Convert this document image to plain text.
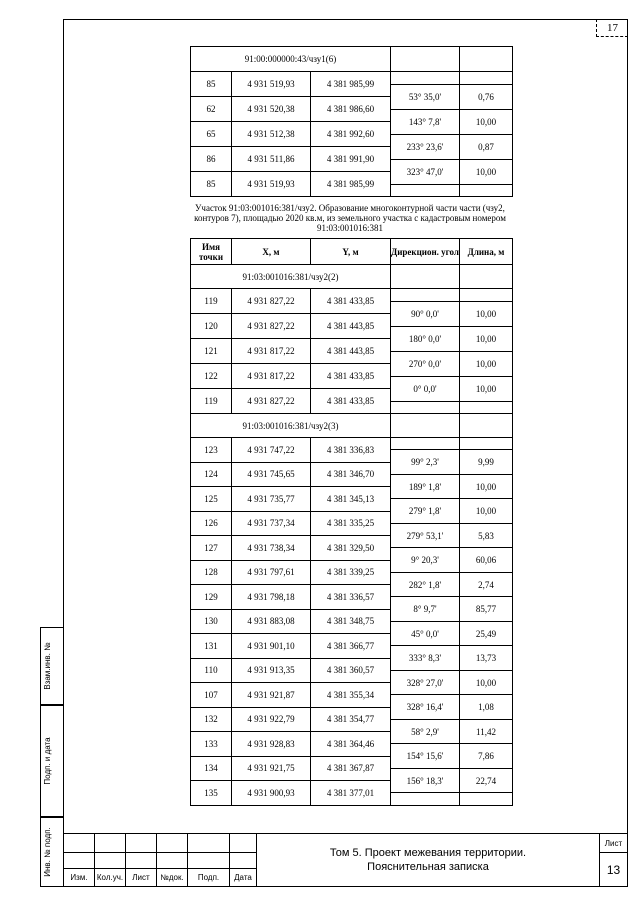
17
Взам.инв. №
Подп. и дата
Инв. № подп.
91:00:000000:43/чзу1(6)				
85	4 931 519,93	4 381 985,99		
			53° 35,0'	0,76
62	4 931 520,38	4 381 986,60		
			143° 7,8'	10,00
65	4 931 512,38	4 381 992,60		
			233° 23,6'	0,87
86	4 931 511,86	4 381 991,90		
			323° 47,0'	10,00
85	4 931 519,93	4 381 985,99		

Участок 91:03:001016:381/чзу2. Образование многоконтурной части части (чзу2, контуров 7), площадью 2020 кв.м, из земельного участка с кадастровым номером 91:03:001016:381
Имя точки	X, м	Y, м	Дирекцион. угол	Длина, м
91:03:001016:381/чзу2(2)				
119	4 931 827,22	4 381 433,85		
			90° 0,0'	10,00
120	4 931 827,22	4 381 443,85		
			180° 0,0'	10,00
121	4 931 817,22	4 381 443,85		
			270° 0,0'	10,00
122	4 931 817,22	4 381 433,85		
			0° 0,0'	10,00
119	4 931 827,22	4 381 433,85		

91:03:001016:381/чзу2(3)				
123	4 931 747,22	4 381 336,83		
			99° 2,3'	9,99
124	4 931 745,65	4 381 346,70		
			189° 1,8'	10,00
125	4 931 735,77	4 381 345,13		
			279° 1,8'	10,00
126	4 931 737,34	4 381 335,25		
			279° 53,1'	5,83
127	4 931 738,34	4 381 329,50		
			9° 20,3'	60,06
128	4 931 797,61	4 381 339,25		
			282° 1,8'	2,74
129	4 931 798,18	4 381 336,57		
			8° 9,7'	85,77
130	4 931 883,08	4 381 348,75		
			45° 0,0'	25,49
131	4 931 901,10	4 381 366,77		
			333° 8,3'	13,73
110	4 931 913,35	4 381 360,57		
			328° 27,0'	10,00
107	4 931 921,87	4 381 355,34		
			328° 16,4'	1,08
132	4 931 922,79	4 381 354,77		
			58° 2,9'	11,42
133	4 931 928,83	4 381 364,46		
			154° 15,6'	7,86
134	4 931 921,75	4 381 367,87		
			156° 18,3'	22,74
135	4 931 900,93	4 381 377,01		

						Том 5. Проект межевания территории.
Пояснительная записка	Лист
							13
Изм.	Кол.уч.	Лист	№док.	Подп.	Дата		
